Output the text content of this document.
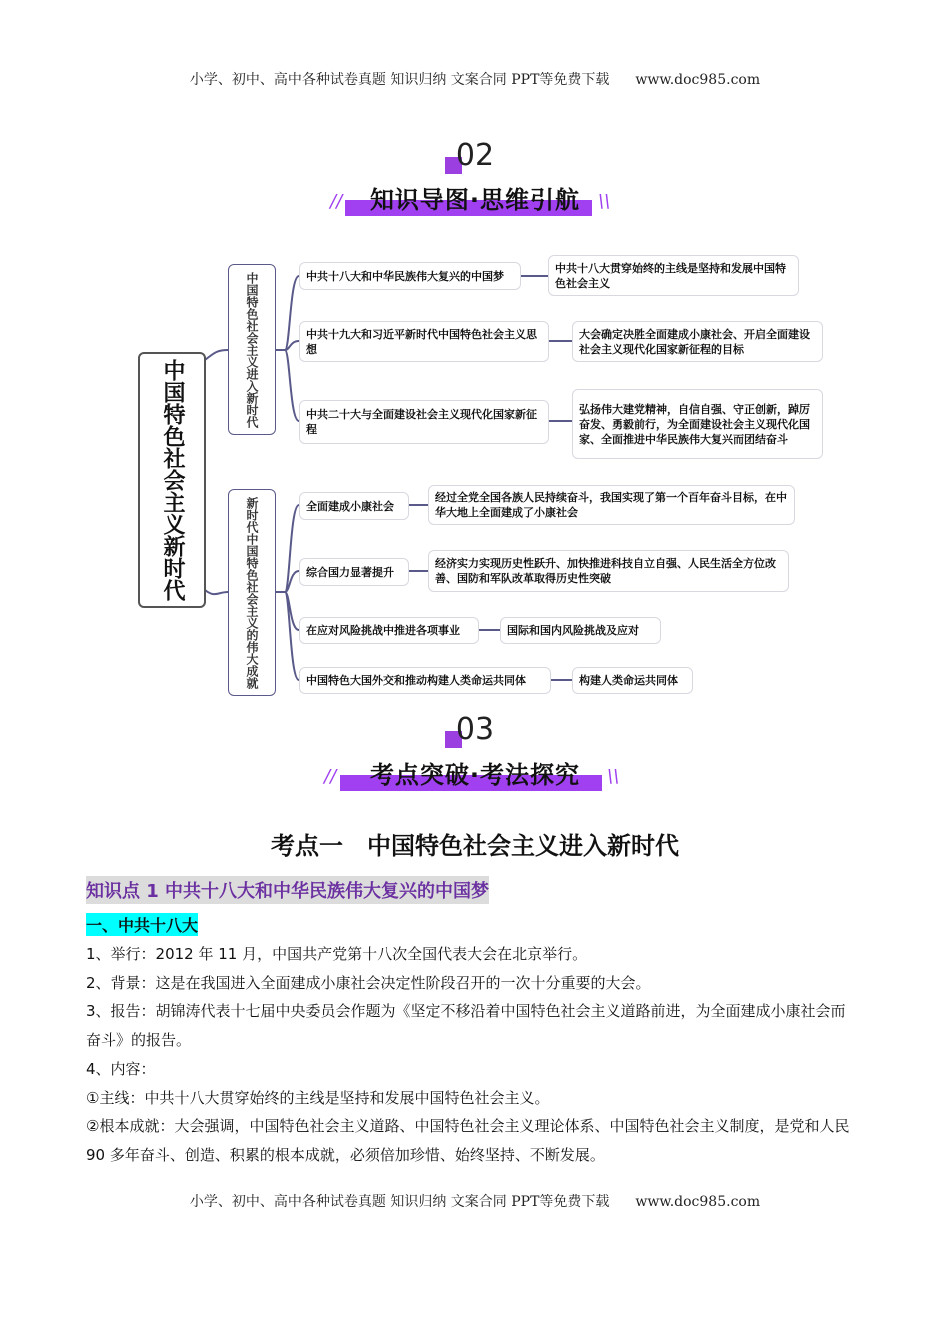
小学、初中、高中各种试卷真题 知识归纳 文案合同 PPT等免费下载 www.doc985.com
02
//	\\
知识导图·思维引航
中国特色社会主义新时代
中国特色社会主义进入新时代
新时代中国特色社会主义的伟大成就
中共十八大和中华民族伟大复兴的中国梦
中共十八大贯穿始终的主线是坚持和发展中国特色社会主义
中共十九大和习近平新时代中国特色社会主义思想
大会确定决胜全面建成小康社会、开启全面建设社会主义现代化国家新征程的目标
中共二十大与全面建设社会主义现代化国家新征程
弘扬伟大建党精神，自信自强、守正创新，踔厉奋发、勇毅前行，为全面建设社会主义现代化国家、全面推进中华民族伟大复兴而团结奋斗
全面建成小康社会
经过全党全国各族人民持续奋斗，我国实现了第一个百年奋斗目标，在中华大地上全面建成了小康社会
综合国力显著提升
经济实力实现历史性跃升、加快推进科技自立自强、人民生活全方位改善、国防和军队改革取得历史性突破
在应对风险挑战中推进各项事业	国际和国内风险挑战及应对
中国特色大国外交和推动构建人类命运共同体	构建人类命运共同体
03
//	\\
考点突破·考法探究
考点一　中国特色社会主义进入新时代
知识点 1 中共十八大和中华民族伟大复兴的中国梦
一、中共十八大

1、举行：2012 年 11 月，中国共产党第十八次全国代表大会在北京举行。

2、背景：这是在我国进入全面建成小康社会决定性阶段召开的一次十分重要的大会。

3、报告：胡锦涛代表十七届中央委员会作题为《坚定不移沿着中国特色社会主义道路前进，为全面建成小康社会而奋斗》的报告。

4、内容：

①主线：中共十八大贯穿始终的主线是坚持和发展中国特色社会主义。

②根本成就：大会强调，中国特色社会主义道路、中国特色社会主义理论体系、中国特色社会主义制度，是党和人民 90 多年奋斗、创造、积累的根本成就，必须倍加珍惜、始终坚持、不断发展。

小学、初中、高中各种试卷真题 知识归纳 文案合同 PPT等免费下载 www.doc985.com
